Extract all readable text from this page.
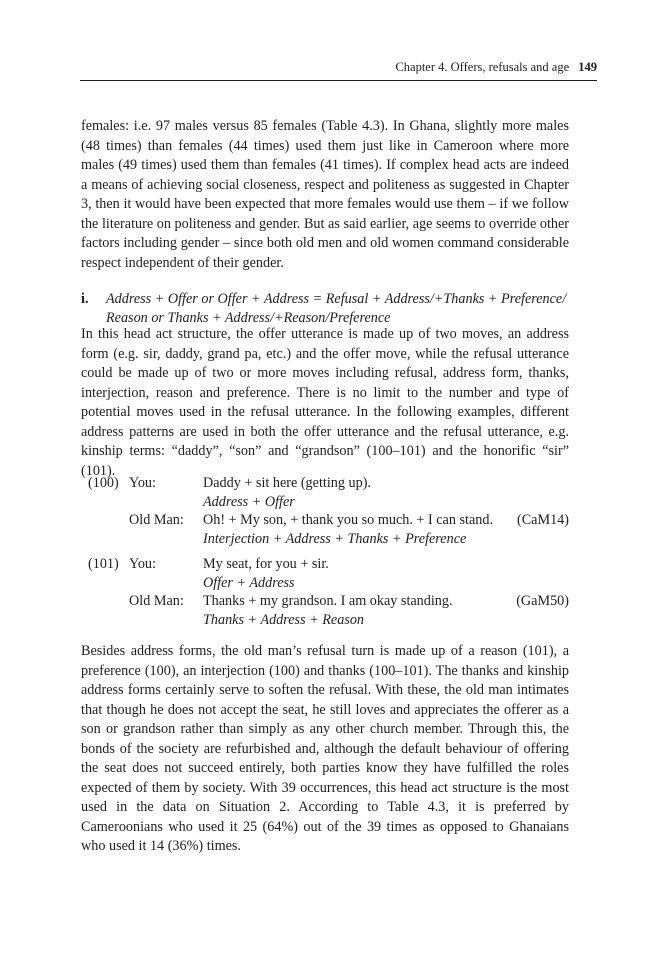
Chapter 4. Offers, refusals and age 149

females: i.e. 97 males versus 85 females (Table 4.3). In Ghana, slightly more males (48 times) than females (44 times) used them just like in Cameroon where more males (49 times) used them than females (41 times). If complex head acts are indeed a means of achieving social closeness, respect and politeness as suggested in Chapter 3, then it would have been expected that more females would use them – if we follow the literature on politeness and gender. But as said earlier, age seems to override other factors including gender – since both old men and old women command considerable respect independent of their gender.

i. Address + Offer or Offer + Address = Refusal + Address/+Thanks + Preference/
Reason or Thanks + Address/+Reason/Preference

In this head act structure, the offer utterance is made up of two moves, an address form (e.g. sir, daddy, grand pa, etc.) and the offer move, while the refusal utterance could be made up of two or more moves including refusal, address form, thanks, interjection, reason and preference. There is no limit to the number and type of potential moves used in the refusal utterance. In the following examples, different address patterns are used in both the offer utterance and the refusal utterance, e.g. kinship terms: “daddy”, “son” and “grandson” (100–101) and the honorific “sir” (101).

(100) You:	Daddy + sit here (getting up).
Address + Offer
Old Man: Oh! + My son, + thank you so much. + I can stand. (CaM14)
Interjection + Address + Thanks + Preference
(101) You:	My seat, for you + sir.
Offer + Address
Old Man: Thanks + my grandson. I am okay standing.	(GaM50)
Thanks + Address + Reason

Besides address forms, the old man’s refusal turn is made up of a reason (101), a preference (100), an interjection (100) and thanks (100–101). The thanks and kinship address forms certainly serve to soften the refusal. With these, the old man intimates that though he does not accept the seat, he still loves and appreciates the offerer as a son or grandson rather than simply as any other church member. Through this, the bonds of the society are refurbished and, although the default behaviour of offering the seat does not succeed entirely, both parties know they have fulfilled the roles expected of them by society. With 39 occurrences, this head act structure is the most used in the data on Situation 2. According to Table 4.3, it is preferred by Cameroonians who used it 25 (64%) out of the 39 times as opposed to Ghanaians who used it 14 (36%) times.
